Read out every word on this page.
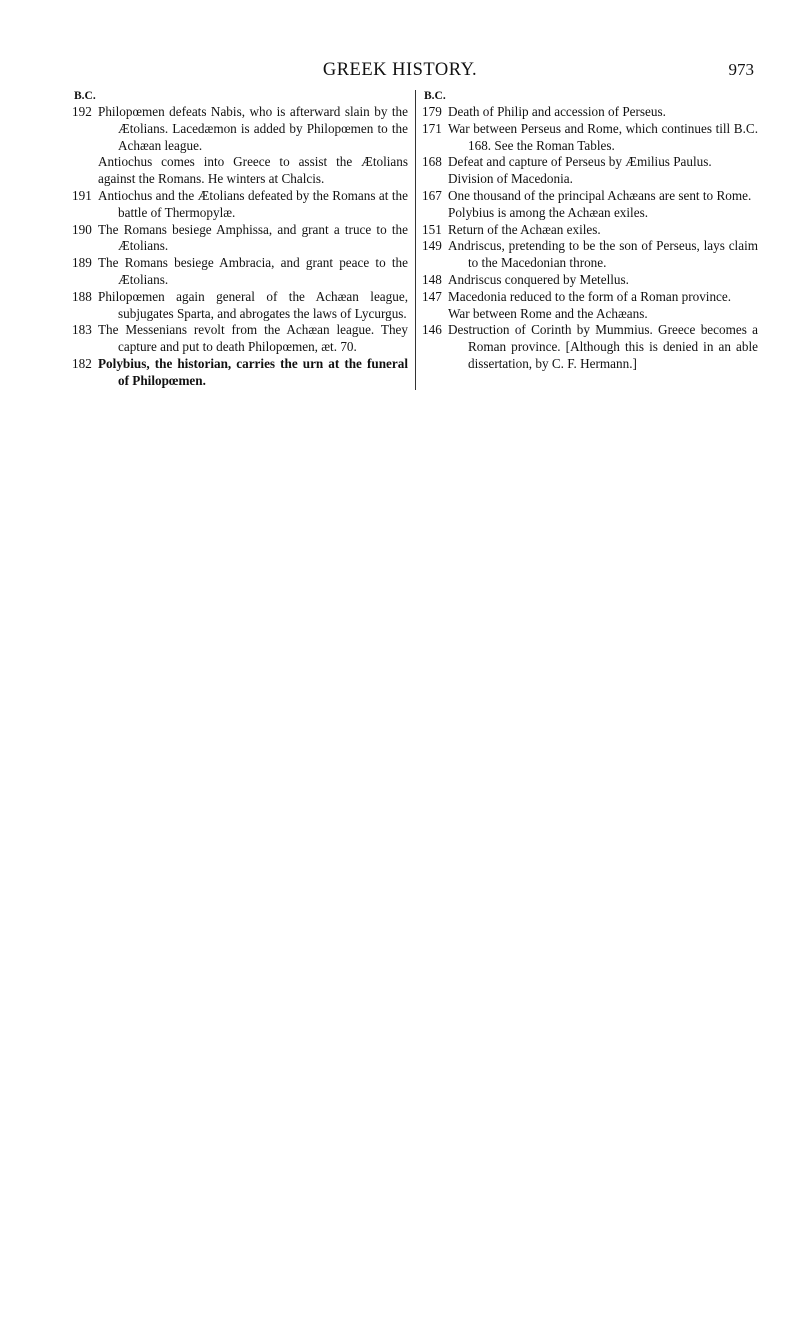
GREEK HISTORY.	973
B.C.
192 Philopœmen defeats Nabis, who is afterward slain by the Ætolians. Lacedæmon is added by Philopœmen to the Achæan league.
Antiochus comes into Greece to assist the Ætolians against the Romans. He winters at Chalcis.
191 Antiochus and the Ætolians defeated by the Romans at the battle of Thermopylæ.
190 The Romans besiege Amphissa, and grant a truce to the Ætolians.
189 The Romans besiege Ambracia, and grant peace to the Ætolians.
188 Philopœmen again general of the Achæan league, subjugates Sparta, and abrogates the laws of Lycurgus.
183 The Messenians revolt from the Achæan league. They capture and put to death Philopœmen, æt. 70.
182 Polybius, the historian, carries the urn at the funeral of Philopœmen.
B.C.
179 Death of Philip and accession of Perseus.
171 War between Perseus and Rome, which continues till B.C. 168. See the Roman Tables.
168 Defeat and capture of Perseus by Æmilius Paulus.
Division of Macedonia.
167 One thousand of the principal Achæans are sent to Rome.
Polybius is among the Achæan exiles.
151 Return of the Achæan exiles.
149 Andriscus, pretending to be the son of Perseus, lays claim to the Macedonian throne.
148 Andriscus conquered by Metellus.
147 Macedonia reduced to the form of a Roman province.
War between Rome and the Achæans.
146 Destruction of Corinth by Mummius. Greece becomes a Roman province. [Although this is denied in an able dissertation, by C. F. Hermann.]
